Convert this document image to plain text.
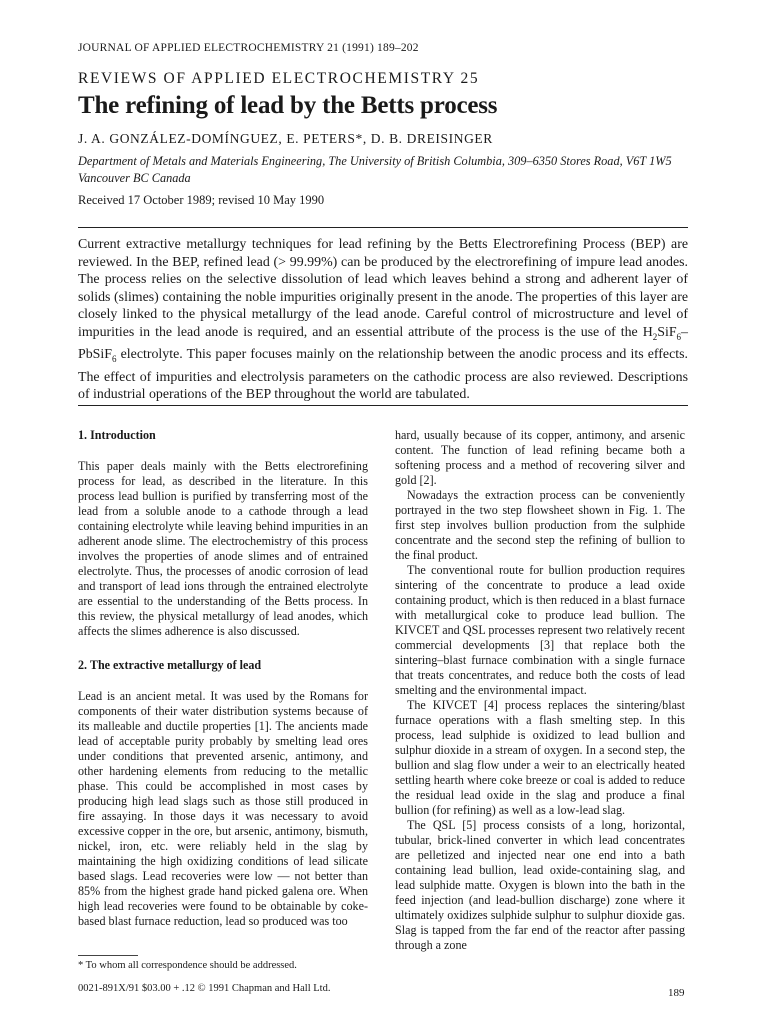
JOURNAL OF APPLIED ELECTROCHEMISTRY 21 (1991) 189–202
REVIEWS OF APPLIED ELECTROCHEMISTRY 25
The refining of lead by the Betts process
J. A. GONZÁLEZ-DOMÍNGUEZ, E. PETERS*, D. B. DREISINGER
Department of Metals and Materials Engineering, The University of British Columbia, 309–6350 Stores Road, V6T 1W5 Vancouver BC Canada
Received 17 October 1989; revised 10 May 1990

Current extractive metallurgy techniques for lead refining by the Betts Electrorefining Process (BEP) are reviewed. In the BEP, refined lead (> 99.99%) can be produced by the electrorefining of impure lead anodes. The process relies on the selective dissolution of lead which leaves behind a strong and adherent layer of solids (slimes) containing the noble impurities originally present in the anode. The properties of this layer are closely linked to the physical metallurgy of the lead anode. Careful control of microstructure and level of impurities in the lead anode is required, and an essential attribute of the process is the use of the $H_2SiF_6-PbSiF_6$ electrolyte. This paper focuses mainly on the relationship between the anodic process and its effects. The effect of impurities and electrolysis parameters on the cathodic process are also reviewed. Descriptions of industrial operations of the BEP throughout the world are tabulated.

1. Introduction

This paper deals mainly with the Betts electrorefining process for lead, as described in the literature. In this process lead bullion is purified by transferring most of the lead from a soluble anode to a cathode through a lead containing electrolyte while leaving behind impurities in an adherent anode slime. The electrochemistry of this process involves the properties of anode slimes and of entrained electrolyte. Thus, the processes of anodic corrosion of lead and transport of lead ions through the entrained electrolyte are essential to the understanding of the Betts process. In this review, the physical metallurgy of lead anodes, which affects the slimes adherence is also discussed.

2. The extractive metallurgy of lead

Lead is an ancient metal. It was used by the Romans for components of their water distribution systems because of its malleable and ductile properties [1]. The ancients made lead of acceptable purity probably by smelting lead ores under conditions that prevented arsenic, antimony, and other hardening elements from reducing to the metallic phase. This could be accomplished in most cases by producing high lead slags such as those still produced in fire assaying. In those days it was necessary to avoid excessive copper in the ore, but arsenic, antimony, bismuth, nickel, iron, etc. were reliably held in the slag by maintaining the high oxidizing conditions of lead silicate based slags. Lead recoveries were low — not better than 85% from the highest grade hand picked galena ore. When high lead recoveries were found to be obtainable by coke-based blast furnace reduction, lead so produced was too

hard, usually because of its copper, antimony, and arsenic content. The function of lead refining became both a softening process and a method of recovering silver and gold [2].

Nowadays the extraction process can be conveniently portrayed in the two step flowsheet shown in Fig. 1. The first step involves bullion production from the sulphide concentrate and the second step the refining of bullion to the final product.

The conventional route for bullion production requires sintering of the concentrate to produce a lead oxide containing product, which is then reduced in a blast furnace with metallurgical coke to produce lead bullion. The KIVCET and QSL processes represent two relatively recent commercial developments [3] that replace both the sintering–blast furnace combination with a single furnace that treats concentrates, and reduce both the costs of lead smelting and the environmental impact.

The KIVCET [4] process replaces the sintering/blast furnace operations with a flash smelting step. In this process, lead sulphide is oxidized to lead bullion and sulphur dioxide in a stream of oxygen. In a second step, the bullion and slag flow under a weir to an electrically heated settling hearth where coke breeze or coal is added to reduce the residual lead oxide in the slag and produce a final bullion (for refining) as well as a low-lead slag.

The QSL [5] process consists of a long, horizontal, tubular, brick-lined converter in which lead concentrates are pelletized and injected near one end into a bath containing lead bullion, lead oxide-containing slag, and lead sulphide matte. Oxygen is blown into the bath in the feed injection (and lead-bullion discharge) zone where it ultimately oxidizes sulphide sulphur to sulphur dioxide gas. Slag is tapped from the far end of the reactor after passing through a zone

* To whom all correspondence should be addressed.
0021-891X/91 $03.00 + .12 © 1991 Chapman and Hall Ltd.	189
